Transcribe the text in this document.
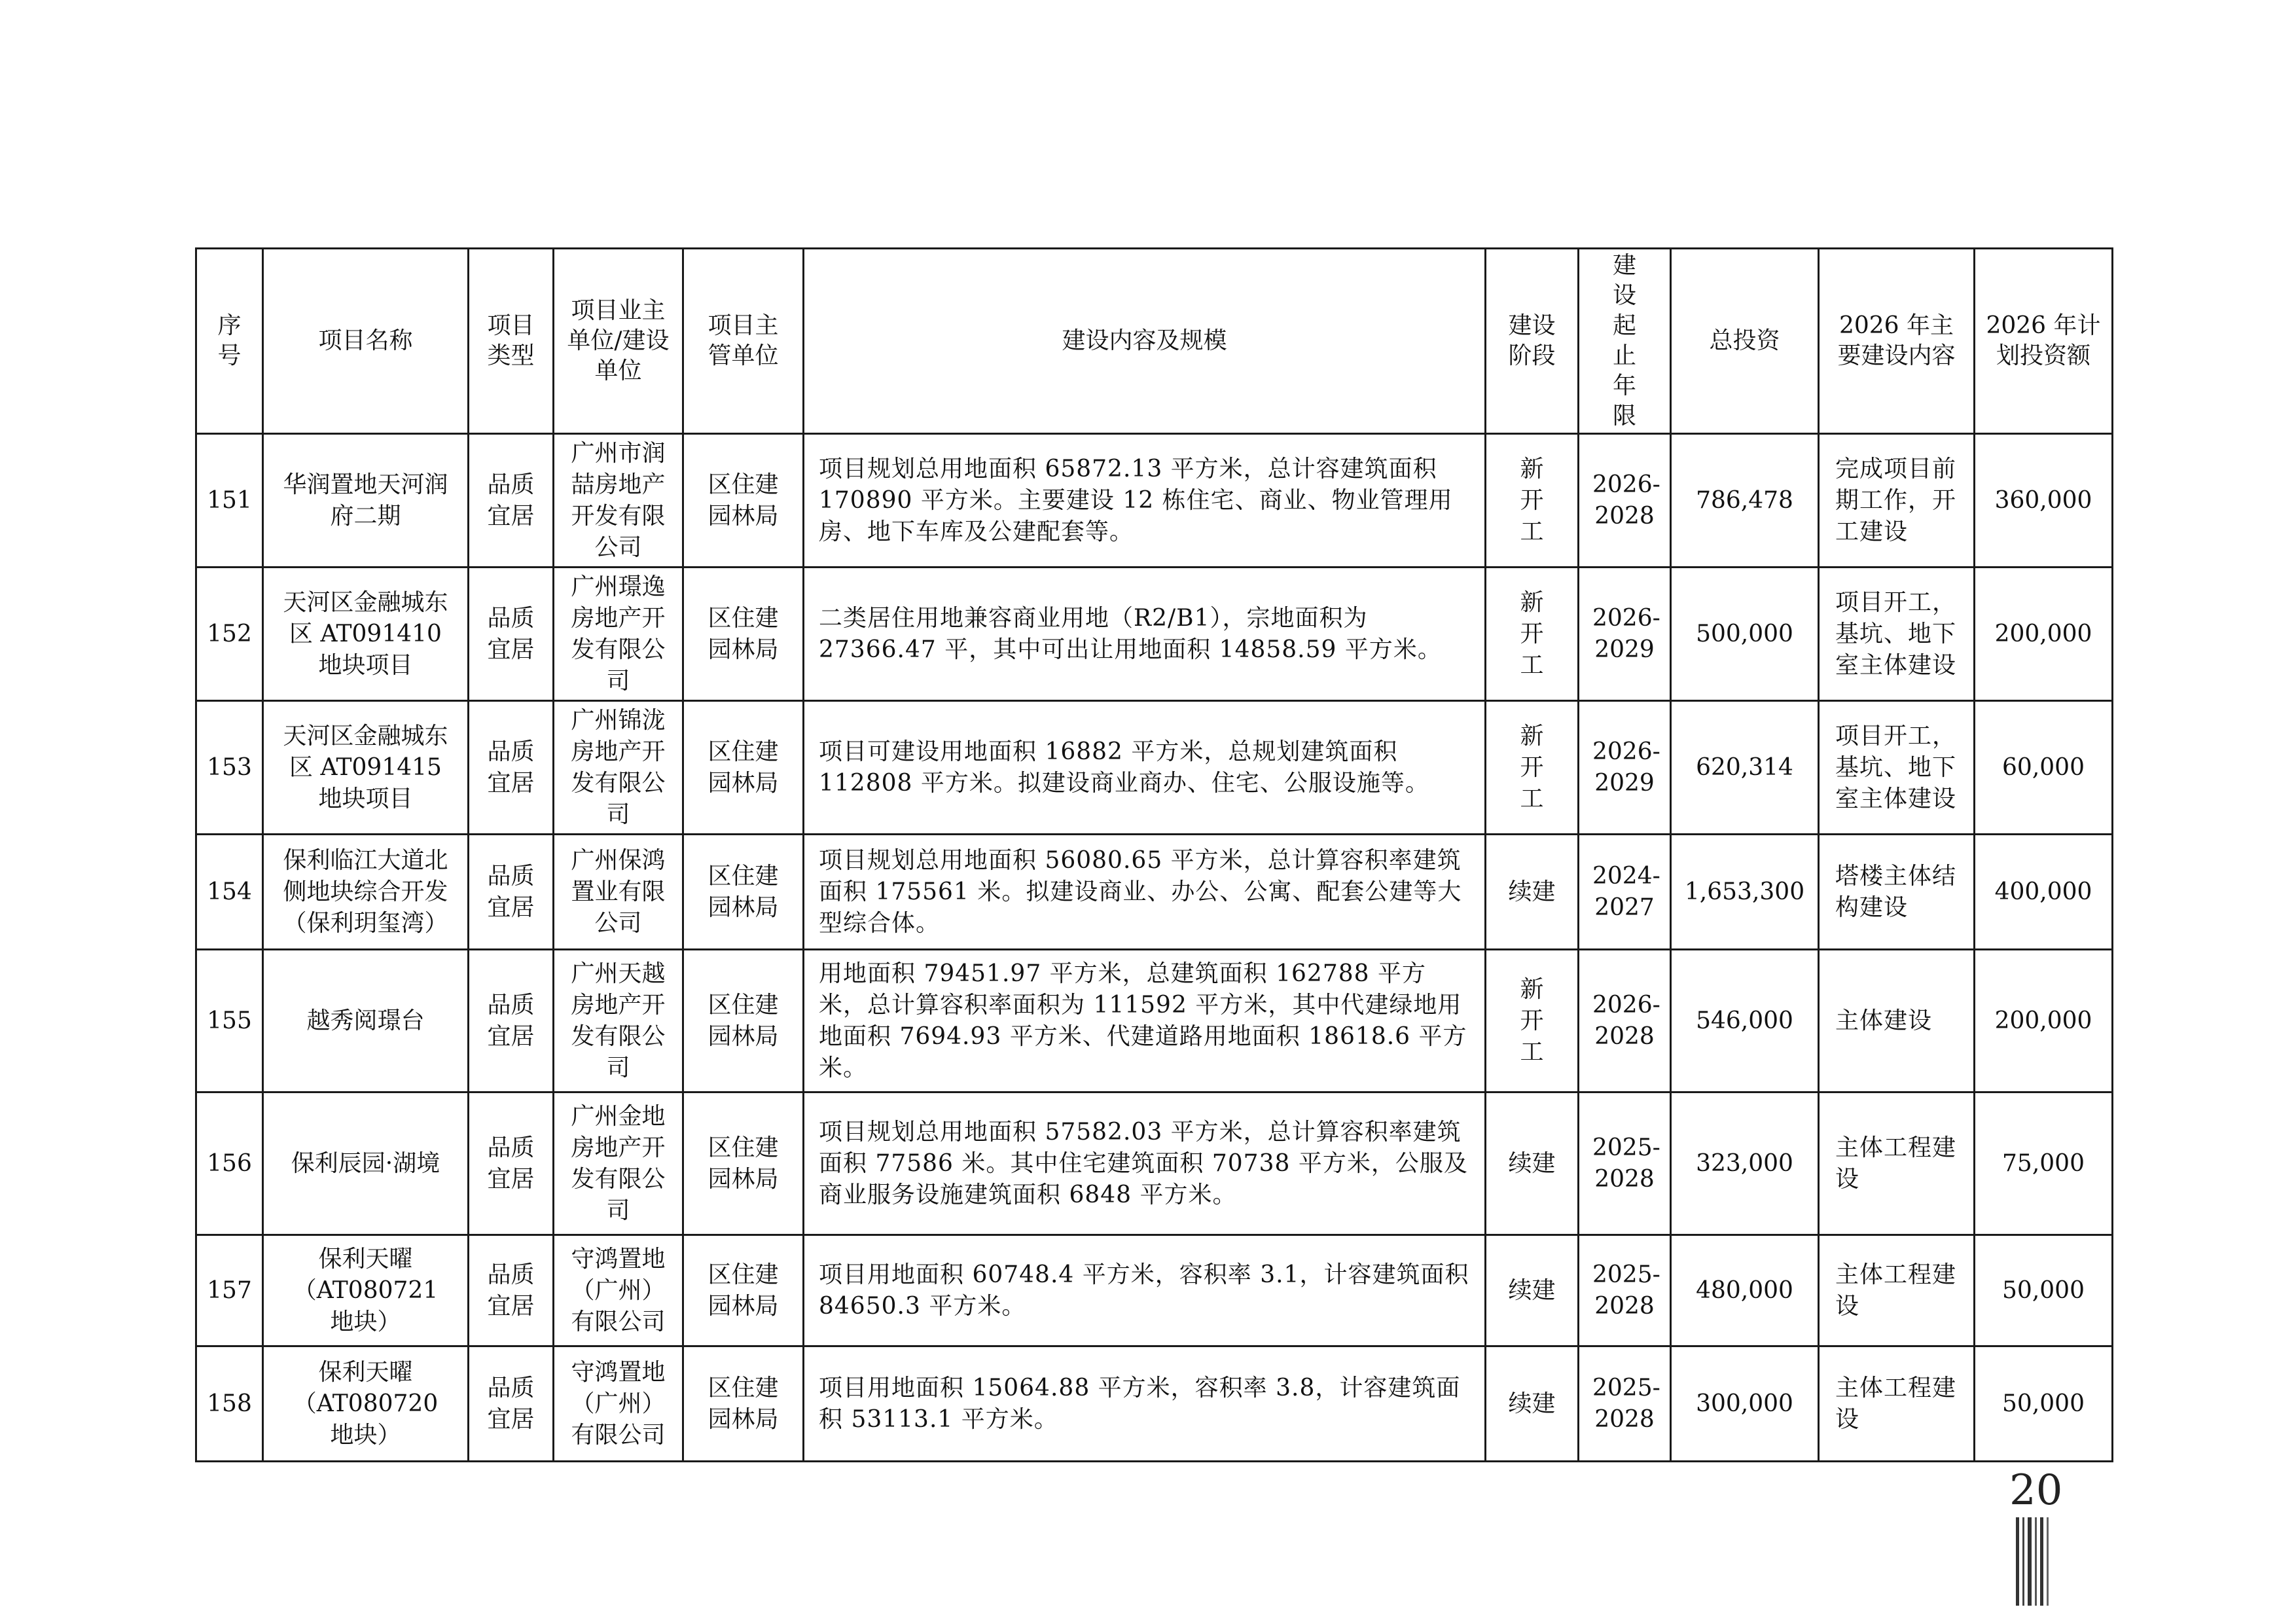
序号	项目名称	项目类型	项目业主单位/建设单位	项目主管单位	建设内容及规模	建设阶段	建设起止年限	总投资	2026 年主要建设内容	2026 年计划投资额
151	华润置地天河润府二期	品质宜居	广州市润喆房地产开发有限公司	区住建园林局	项目规划总用地面积 65872.13 平方米，总计容建筑面积 170890 平方米。主要建设 12 栋住宅、商业、物业管理用房、地下车库及公建配套等。	新开工	2026-2028	786,478	完成项目前期工作，开工建设	360,000
152	天河区金融城东区 AT091410 地块项目	品质宜居	广州璟逸房地产开发有限公司	区住建园林局	二类居住用地兼容商业用地（R2/B1），宗地面积为 27366.47 平，其中可出让用地面积 14858.59 平方米。	新开工	2026-2029	500,000	项目开工，基坑、地下室主体建设	200,000
153	天河区金融城东区 AT091415 地块项目	品质宜居	广州锦泷房地产开发有限公司	区住建园林局	项目可建设用地面积 16882 平方米，总规划建筑面积 112808 平方米。拟建设商业商办、住宅、公服设施等。	新开工	2026-2029	620,314	项目开工，基坑、地下室主体建设	60,000
154	保利临江大道北侧地块综合开发（保利玥玺湾）	品质宜居	广州保鸿置业有限公司	区住建园林局	项目规划总用地面积 56080.65 平方米，总计算容积率建筑面积 175561 米。拟建设商业、办公、公寓、配套公建等大型综合体。	续建	2024-2027	1,653,300	塔楼主体结构建设	400,000
155	越秀阅璟台	品质宜居	广州天越房地产开发有限公司	区住建园林局	用地面积 79451.97 平方米，总建筑面积 162788 平方米，总计算容积率面积为 111592 平方米，其中代建绿地用地面积 7694.93 平方米、代建道路用地面积 18618.6 平方米。	新开工	2026-2028	546,000	主体建设	200,000
156	保利辰园·湖境	品质宜居	广州金地房地产开发有限公司	区住建园林局	项目规划总用地面积 57582.03 平方米，总计算容积率建筑面积 77586 米。其中住宅建筑面积 70738 平方米，公服及商业服务设施建筑面积 6848 平方米。	续建	2025-2028	323,000	主体工程建设	75,000
157	保利天曜（AT080721 地块）	品质宜居	守鸿置地（广州）有限公司	区住建园林局	项目用地面积 60748.4 平方米，容积率 3.1，计容建筑面积 84650.3 平方米。	续建	2025-2028	480,000	主体工程建设	50,000
158	保利天曜（AT080720 地块）	品质宜居	守鸿置地（广州）有限公司	区住建园林局	项目用地面积 15064.88 平方米，容积率 3.8，计容建筑面积 53113.1 平方米。	续建	2025-2028	300,000	主体工程建设	50,000
20
